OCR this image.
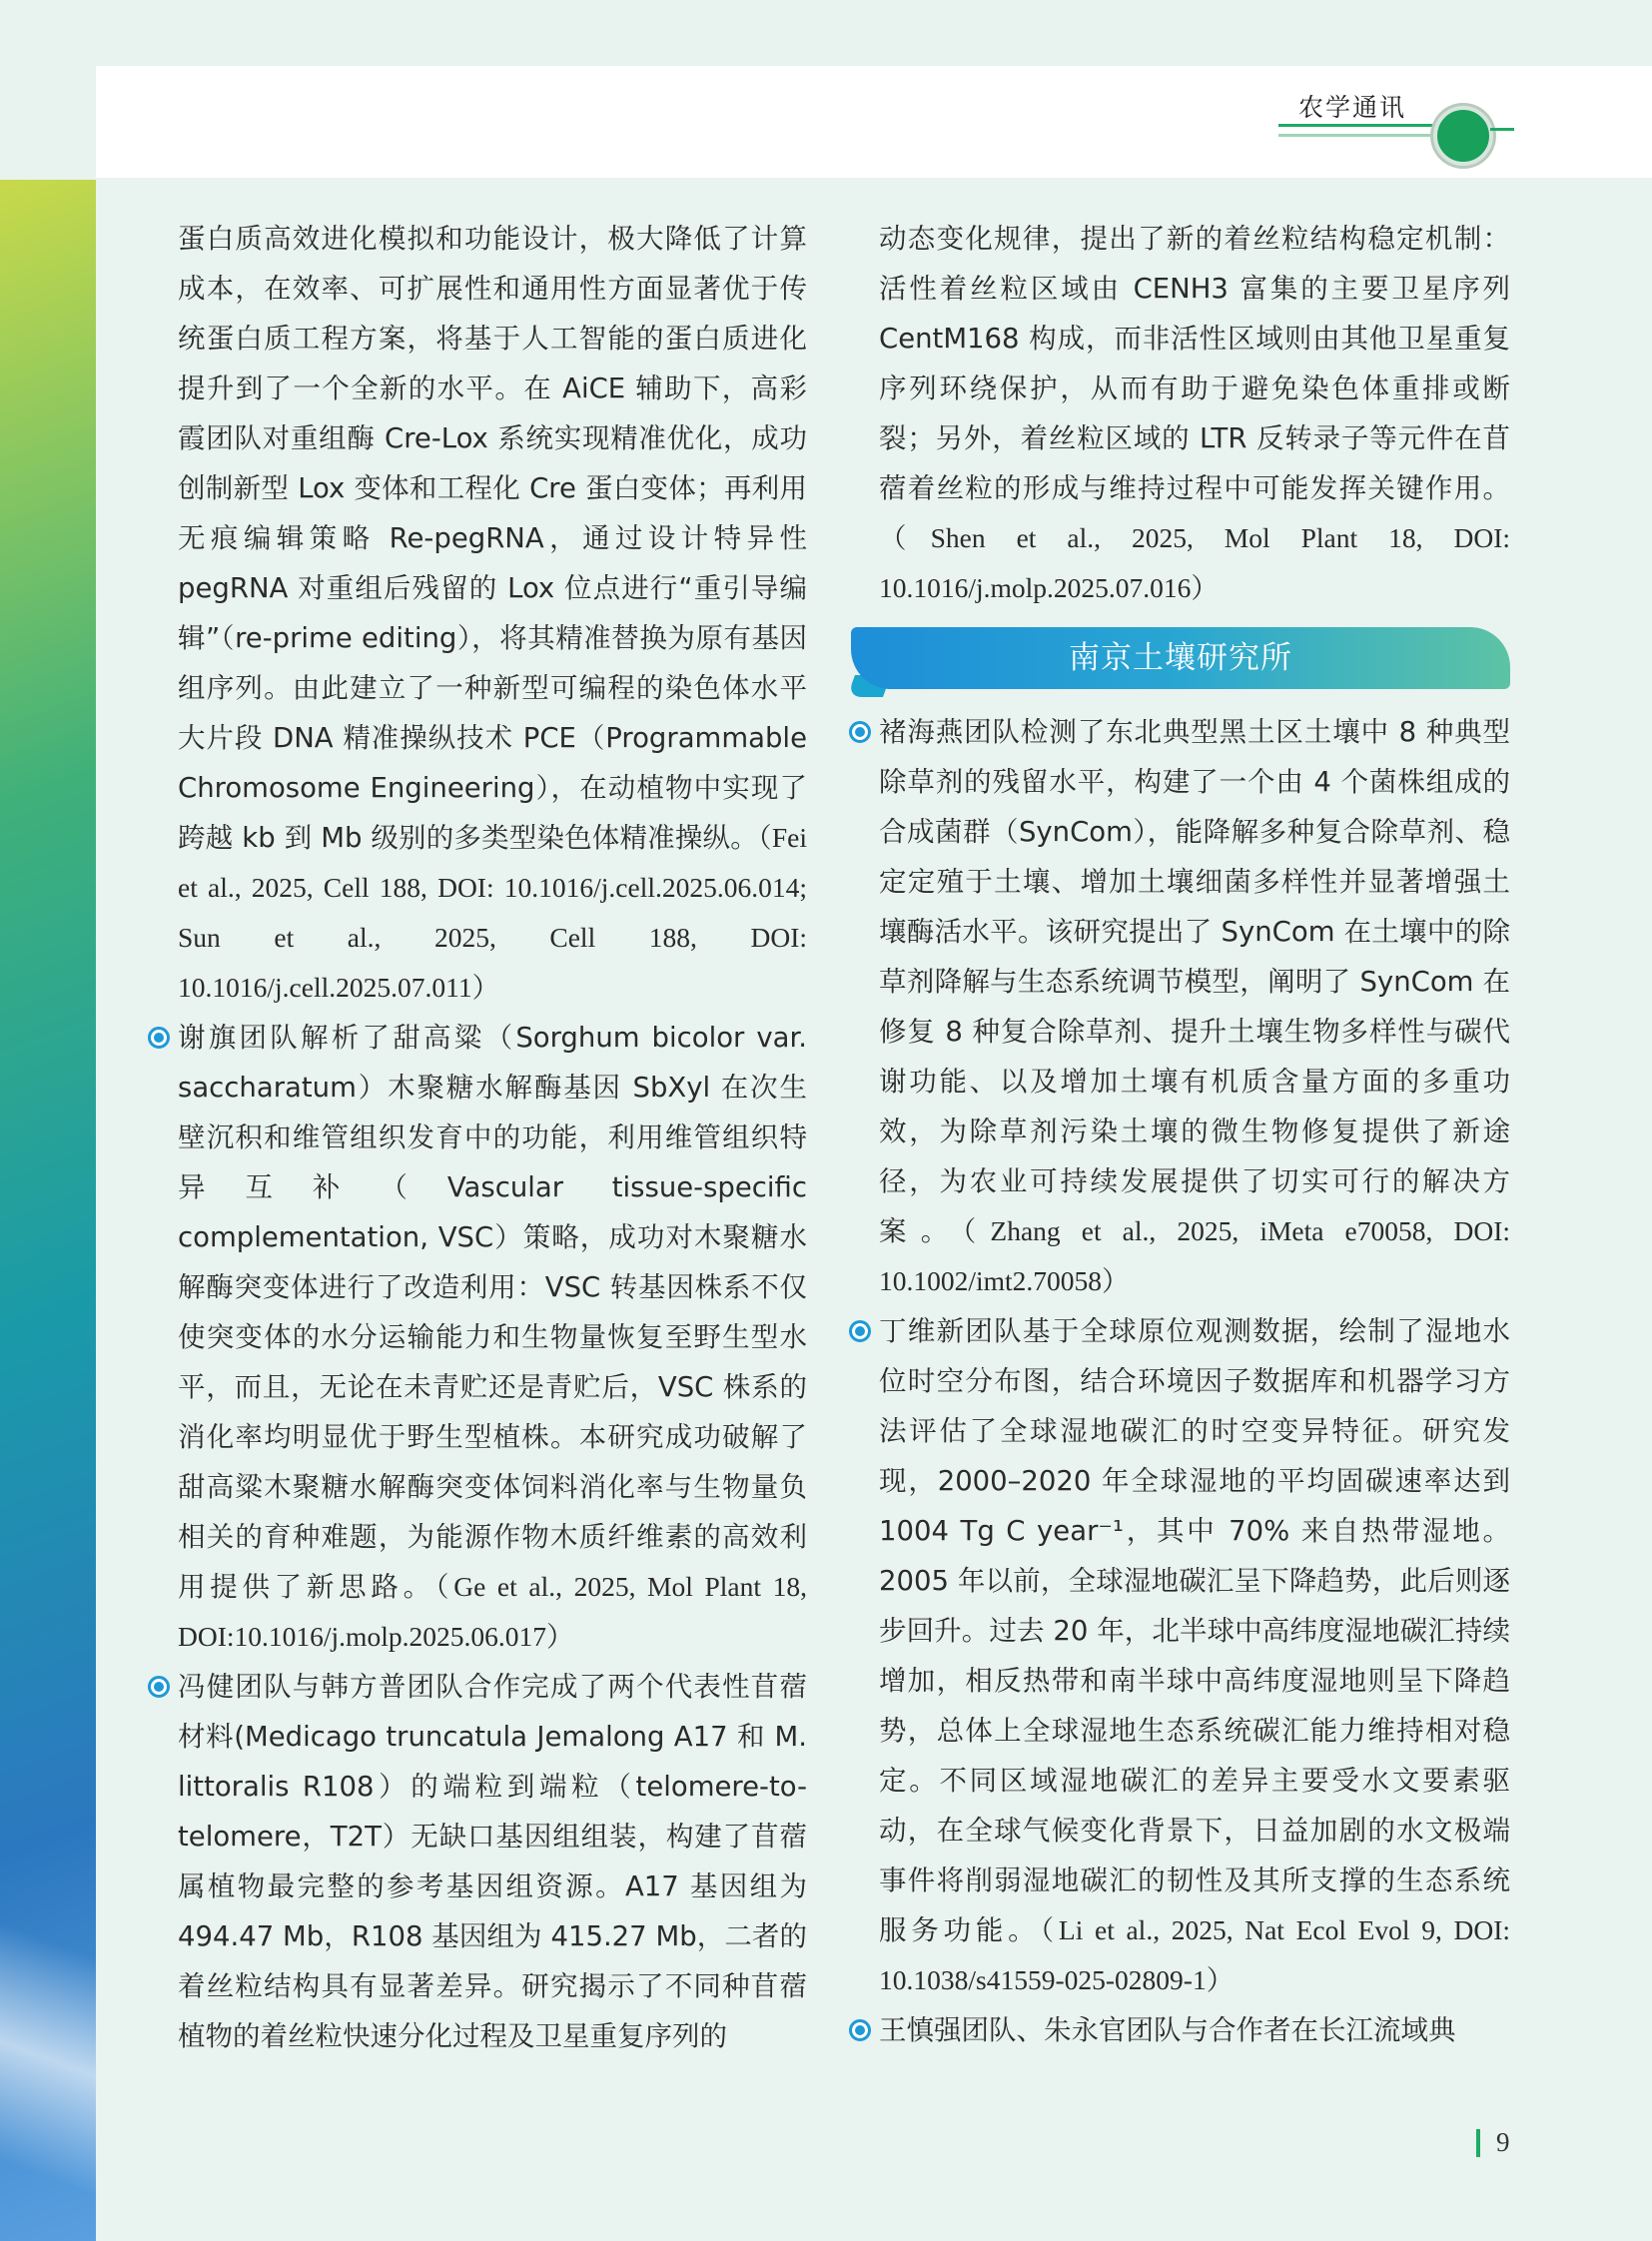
农学通讯

蛋白质高效进化模拟和功能设计，极大降低了计算成本，在效率、可扩展性和通用性方面显著优于传统蛋白质工程方案，将基于人工智能的蛋白质进化提升到了一个全新的水平。在 AiCE 辅助下，高彩霞团队对重组酶 Cre-Lox 系统实现精准优化，成功创制新型 Lox 变体和工程化 Cre 蛋白变体；再利用无痕编辑策略 Re-pegRNA，通过设计特异性 pegRNA 对重组后残留的 Lox 位点进行“重引导编辑”（re-prime editing），将其精准替换为原有基因组序列。由此建立了一种新型可编程的染色体水平大片段 DNA 精准操纵技术 PCE（Programmable Chromosome Engineering），在动植物中实现了跨越 kb 到 Mb 级别的多类型染色体精准操纵。（Fei et al., 2025, Cell 188, DOI: 10.1016/j.cell.2025.06.014; Sun et al., 2025, Cell 188, DOI: 10.1016/j.cell.2025.07.011）

谢旗团队解析了甜高粱（Sorghum bicolor var. saccharatum）木聚糖水解酶基因 SbXyl 在次生壁沉积和维管组织发育中的功能，利用维管组织特异互补（Vascular tissue-specific complementation, VSC）策略，成功对木聚糖水解酶突变体进行了改造利用：VSC 转基因株系不仅使突变体的水分运输能力和生物量恢复至野生型水平，而且，无论在未青贮还是青贮后，VSC 株系的消化率均明显优于野生型植株。本研究成功破解了甜高粱木聚糖水解酶突变体饲料消化率与生物量负相关的育种难题，为能源作物木质纤维素的高效利用提供了新思路。（Ge et al., 2025, Mol Plant 18, DOI:10.1016/j.molp.2025.06.017）
冯健团队与韩方普团队合作完成了两个代表性苜蓿材料(Medicago truncatula Jemalong A17 和 M. littoralis R108）的端粒到端粒（telomere-to-telomere，T2T）无缺口基因组组装，构建了苜蓿属植物最完整的参考基因组资源。A17 基因组为 494.47 Mb，R108 基因组为 415.27 Mb，二者的着丝粒结构具有显著差异。研究揭示了不同种苜蓿植物的着丝粒快速分化过程及卫星重复序列的

动态变化规律，提出了新的着丝粒结构稳定机制：活性着丝粒区域由 CENH3 富集的主要卫星序列 CentM168 构成，而非活性区域则由其他卫星重复序列环绕保护，从而有助于避免染色体重排或断裂；另外，着丝粒区域的 LTR 反转录子等元件在苜蓿着丝粒的形成与维持过程中可能发挥关键作用。（Shen et al., 2025, Mol Plant 18, DOI: 10.1016/j.molp.2025.07.016）

南京土壤研究所
褚海燕团队检测了东北典型黑土区土壤中 8 种典型除草剂的残留水平，构建了一个由 4 个菌株组成的合成菌群（SynCom），能降解多种复合除草剂、稳定定殖于土壤、增加土壤细菌多样性并显著增强土壤酶活水平。该研究提出了 SynCom 在土壤中的除草剂降解与生态系统调节模型，阐明了 SynCom 在修复 8 种复合除草剂、提升土壤生物多样性与碳代谢功能、以及增加土壤有机质含量方面的多重功效，为除草剂污染土壤的微生物修复提供了新途径，为农业可持续发展提供了切实可行的解决方案。（Zhang et al., 2025, iMeta e70058, DOI: 10.1002/imt2.70058）
丁维新团队基于全球原位观测数据，绘制了湿地水位时空分布图，结合环境因子数据库和机器学习方法评估了全球湿地碳汇的时空变异特征。研究发现，2000–2020 年全球湿地的平均固碳速率达到 1004 Tg C year⁻¹，其中 70% 来自热带湿地。2005 年以前，全球湿地碳汇呈下降趋势，此后则逐步回升。过去 20 年，北半球中高纬度湿地碳汇持续增加，相反热带和南半球中高纬度湿地则呈下降趋势，总体上全球湿地生态系统碳汇能力维持相对稳定。不同区域湿地碳汇的差异主要受水文要素驱动，在全球气候变化背景下，日益加剧的水文极端事件将削弱湿地碳汇的韧性及其所支撑的生态系统服务功能。（Li et al., 2025, Nat Ecol Evol 9, DOI: 10.1038/s41559-025-02809-1）
王慎强团队、朱永官团队与合作者在长江流域典
9
